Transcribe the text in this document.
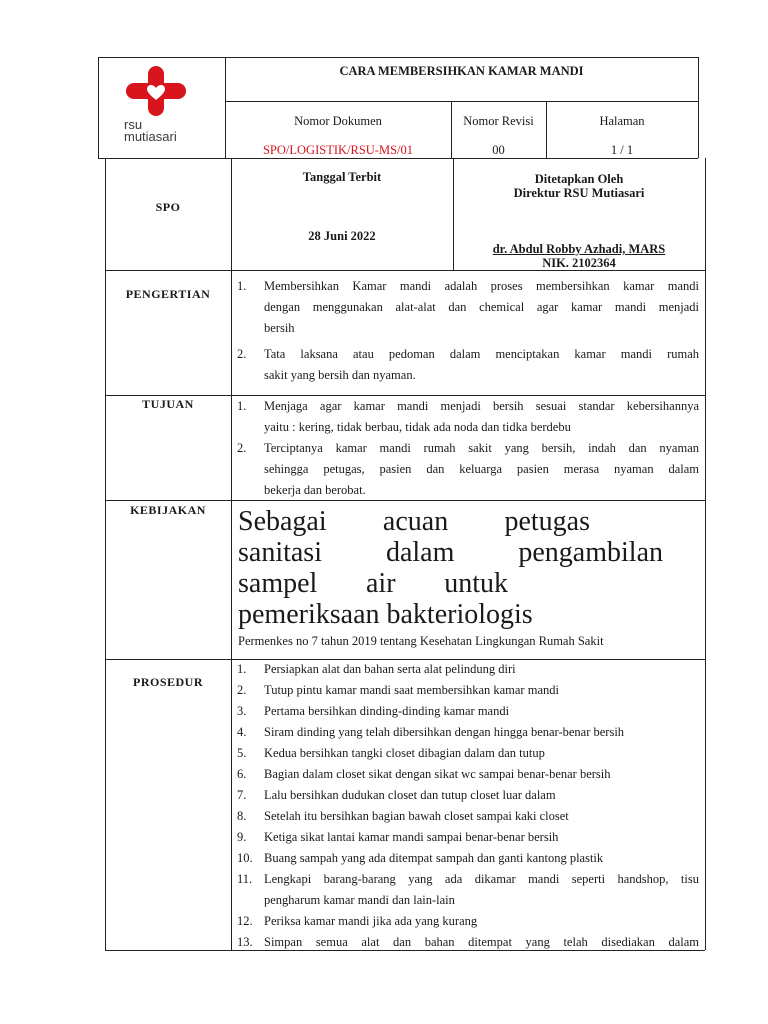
rsu
mutiasari
CARA MEMBERSIHKAN KAMAR MANDI
Nomor Dokumen
SPO/LOGISTIK/RSU-MS/01
Nomor Revisi
00
Halaman
1 / 1
SPO
Tanggal Terbit
28 Juni 2022
Ditetapkan Oleh
Direktur RSU Mutiasari
dr. Abdul Robby Azhadi, MARS
NIK. 2102364
PENGERTIAN
1. Membersihkan Kamar mandi adalah proses membersihkan kamar mandi
dengan menggunakan alat-alat dan chemical agar kamar mandi menjadi
bersih
2. Tata laksana atau pedoman dalam menciptakan kamar mandi rumah
sakit yang bersih dan nyaman.
TUJUAN	1. Menjaga agar kamar mandi menjadi bersih sesuai standar kebersihannya
yaitu : kering, tidak berbau, tidak ada noda dan tidka berdebu
2. Terciptanya kamar mandi rumah sakit yang bersih, indah dan nyaman
sehingga petugas, pasien dan keluarga pasien merasa nyaman dalam
bekerja dan berobat.
KEBIJAKAN	Sebagai acuan petugas
sanitasi dalam pengambilan
sampel air untuk
pemeriksaan bakteriologis
Permenkes no 7 tahun 2019 tentang Kesehatan Lingkungan Rumah Sakit
PROSEDUR
1. Persiapkan alat dan bahan serta alat pelindung diri
2. Tutup pintu kamar mandi saat membersihkan kamar mandi
3. Pertama bersihkan dinding-dinding kamar mandi
4. Siram dinding yang telah dibersihkan dengan hingga benar-benar bersih
5. Kedua bersihkan tangki closet dibagian dalam dan tutup
6. Bagian dalam closet sikat dengan sikat wc sampai benar-benar bersih
7. Lalu bersihkan dudukan closet dan tutup closet luar dalam
8. Setelah itu bersihkan bagian bawah closet sampai kaki closet
9. Ketiga sikat lantai kamar mandi sampai benar-benar bersih
10. Buang sampah yang ada ditempat sampah dan ganti kantong plastik
11. Lengkapi barang-barang yang ada dikamar mandi seperti handshop, tisu
pengharum kamar mandi dan lain-lain
12. Periksa kamar mandi jika ada yang kurang
13. Simpan semua alat dan bahan ditempat yang telah disediakan dalam
